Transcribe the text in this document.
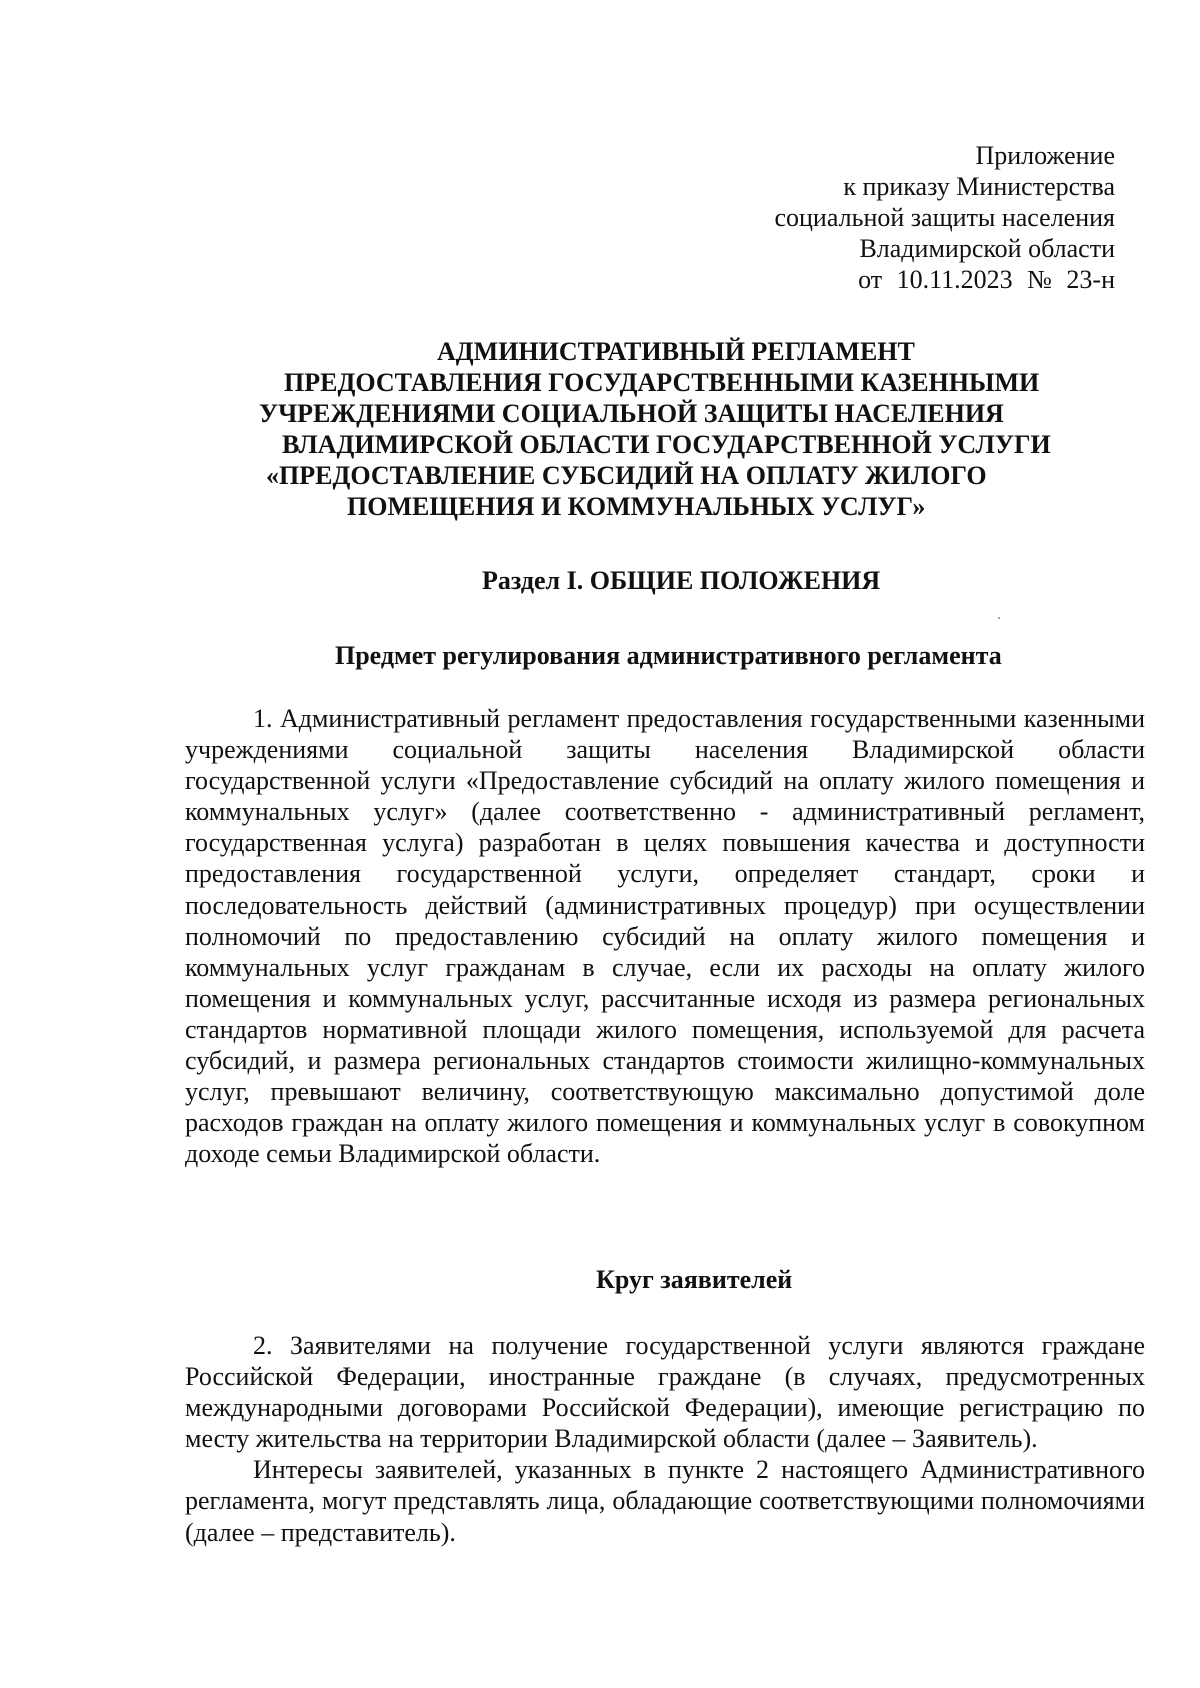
Приложение
к приказу Министерства
социальной защиты населения
Владимирской области
от 10.11.2023 № 23-н
АДМИНИСТРАТИВНЫЙ РЕГЛАМЕНТ
ПРЕДОСТАВЛЕНИЯ ГОСУДАРСТВЕННЫМИ КАЗЕННЫМИ
УЧРЕЖДЕНИЯМИ СОЦИАЛЬНОЙ ЗАЩИТЫ НАСЕЛЕНИЯ
ВЛАДИМИРСКОЙ ОБЛАСТИ ГОСУДАРСТВЕННОЙ УСЛУГИ
«ПРЕДОСТАВЛЕНИЕ СУБСИДИЙ НА ОПЛАТУ ЖИЛОГО
ПОМЕЩЕНИЯ И КОММУНАЛЬНЫХ УСЛУГ»
Раздел I. ОБЩИЕ ПОЛОЖЕНИЯ
Предмет регулирования административного регламента

1. Административный регламент предоставления государственными казенными учреждениями социальной защиты населения Владимирской области государственной услуги «Предоставление субсидий на оплату жилого помещения и коммунальных услуг» (далее соответственно - административный регламент, государственная услуга) разработан в целях повышения качества и доступности предоставления государственной услуги, определяет стандарт, сроки и последовательность действий (административных процедур) при осуществлении полномочий по предоставлению субсидий на оплату жилого помещения и коммунальных услуг гражданам в случае, если их расходы на оплату жилого помещения и коммунальных услуг, рассчитанные исходя из размера региональных стандартов нормативной площади жилого помещения, используемой для расчета субсидий, и размера региональных стандартов стоимости жилищно-коммунальных услуг, превышают величину, соответствующую максимально допустимой доле расходов граждан на оплату жилого помещения и коммунальных услуг в совокупном доходе семьи Владимирской области.

Круг заявителей

2. Заявителями на получение государственной услуги являются граждане Российской Федерации, иностранные граждане (в случаях, предусмотренных международными договорами Российской Федерации), имеющие регистрацию по месту жительства на территории Владимирской области (далее – Заявитель).

Интересы заявителей, указанных в пункте 2 настоящего Административного регламента, могут представлять лица, обладающие соответствующими полномочиями (далее – представитель).
